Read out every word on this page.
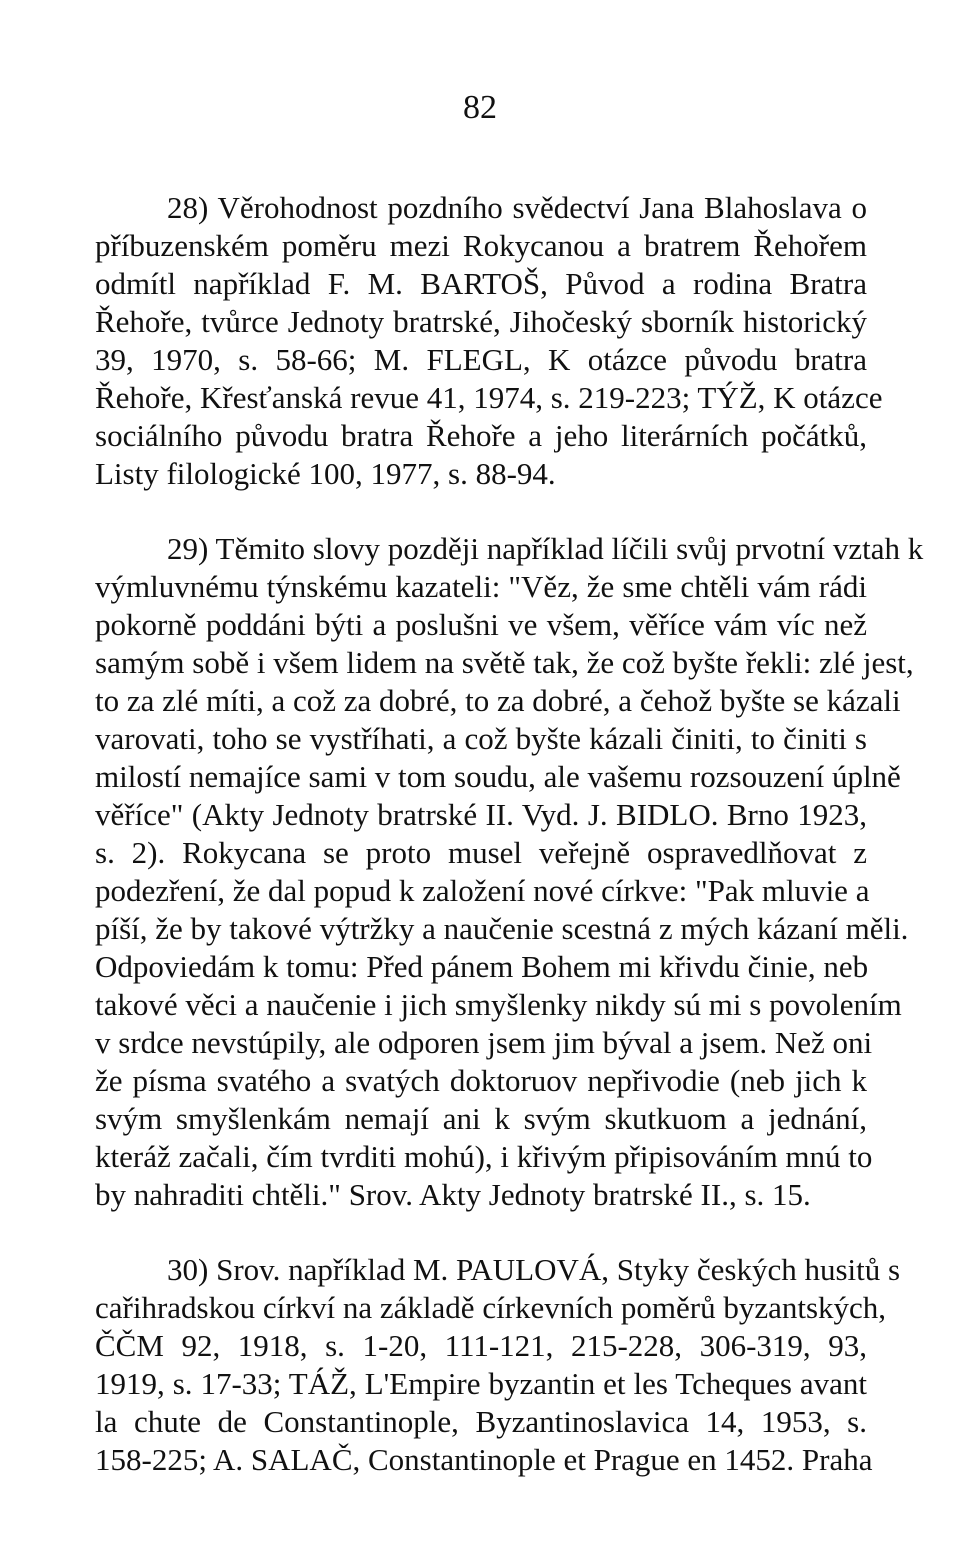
82

28) Věrohodnost pozdního svědectví Jana Blahoslava o
příbuzenském poměru mezi Rokycanou a bratrem Řehořem
odmítl například F. M. BARTOŠ, Původ a rodina Bratra
Řehoře, tvůrce Jednoty bratrské, Jihočeský sborník historický
39, 1970, s. 58-66; M. FLEGL, K otázce původu bratra
Řehoře, Křesťanská revue 41, 1974, s. 219-223; TÝŽ, K otázce
sociálního původu bratra Řehoře a jeho literárních počátků,
Listy filologické 100, 1977, s. 88-94.

29) Těmito slovy později například líčili svůj prvotní vztah k
výmluvnému týnskému kazateli: "Věz, že sme chtěli vám rádi
pokorně poddáni býti a poslušni ve všem, věříce vám víc než
samým sobě i všem lidem na světě tak, že což byšte řekli: zlé jest,
to za zlé míti, a což za dobré, to za dobré, a čehož byšte se kázali
varovati, toho se vystříhati, a což byšte kázali činiti, to činiti s
milostí nemajíce sami v tom soudu, ale vašemu rozsouzení úplně
věříce" (Akty Jednoty bratrské II. Vyd. J. BIDLO. Brno 1923,
s. 2). Rokycana se proto musel veřejně ospravedlňovat z
podezření, že dal popud k založení nové církve: "Pak mluvie a
píší, že by takové výtržky a naučenie scestná z mých kázaní měli.
Odpoviedám k tomu: Před pánem Bohem mi křivdu činie, neb
takové věci a naučenie i jich smyšlenky nikdy sú mi s povolením
v srdce nevstúpily, ale odporen jsem jim býval a jsem. Než oni
že písma svatého a svatých doktoruov nepřivodie (neb jich k
svým smyšlenkám nemají ani k svým skutkuom a jednání,
kteráž začali, čím tvrditi mohú), i křivým připisováním mnú to
by nahraditi chtěli." Srov. Akty Jednoty bratrské II., s. 15.

30) Srov. například M. PAULOVÁ, Styky českých husitů s
cařihradskou církví na základě církevních poměrů byzantských,
ČČM 92, 1918, s. 1-20, 111-121, 215-228, 306-319, 93,
1919, s. 17-33; TÁŽ, L'Empire byzantin et les Tcheques avant
la chute de Constantinople, Byzantinoslavica 14, 1953, s.
158-225; A. SALAČ, Constantinople et Prague en 1452. Praha
